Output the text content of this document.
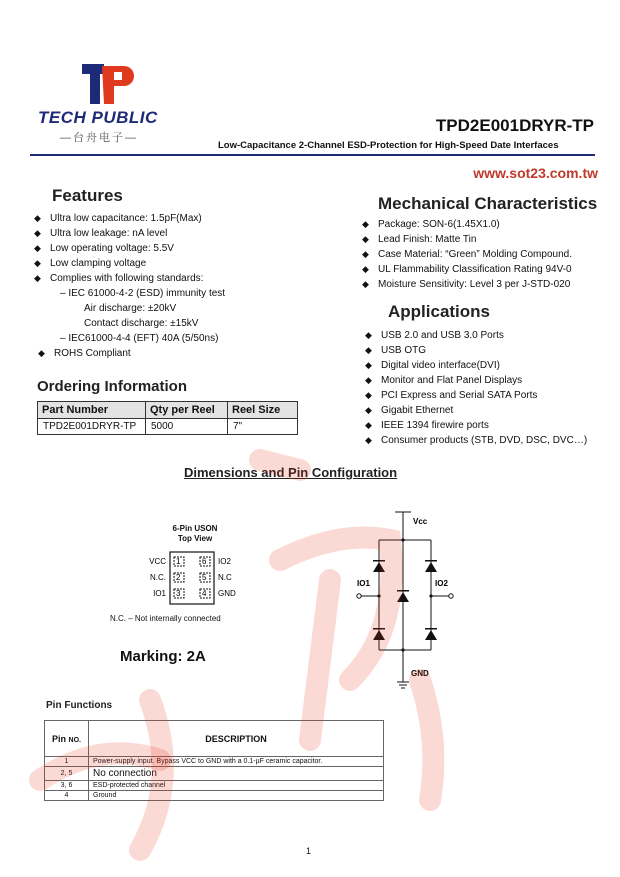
TECH PUBLIC
—台舟电子—
TPD2E001DRYR-TP
Low-Capacitance 2-Channel ESD-Protection for High-Speed Date Interfaces
www.sot23.com.tw
Features
◆ Ultra low capacitance: 1.5pF(Max)
◆ Ultra low leakage: nA level
◆ Low operating voltage: 5.5V
◆ Low clamping voltage
◆ Complies with following standards:
– IEC 61000-4-2 (ESD) immunity test
Air discharge: ±20kV
Contact discharge: ±15kV
– IEC61000-4-4 (EFT) 40A (5/50ns)
◆ ROHS Compliant
Mechanical Characteristics
◆ Package: SON-6(1.45X1.0)
◆ Lead Finish: Matte Tin
◆ Case Material: “Green” Molding Compound.
◆ UL Flammability Classification Rating 94V-0
◆ Moisture Sensitivity: Level 3 per J-STD-020
Applications
◆ USB 2.0 and USB 3.0 Ports
◆ USB OTG
◆ Digital video interface(DVI)
◆ Monitor and Flat Panel Displays
◆ PCI Express and Serial SATA Ports
◆ Gigabit Ethernet
◆ IEEE 1394 firewire ports
◆ Consumer products (STB, DVD, DSC, DVC…)
Ordering Information
Part Number	Qty per Reel	Reel Size
TPD2E001DRYR-TP	5000	7"
Dimensions and Pin Configuration
6-Pin USON
Top View
1
2
3
6
5
4
VCC
N.C.
IO1
IO2
N.C
GND
N.C. – Not internally connected
Marking: 2A
Vcc
IO1	IO2
GND
Pin Functions
Pin NO.	DESCRIPTION
1	Power-supply input. Bypass VCC to GND with a 0.1-µF ceramic capacitor.
2, 5	No connection
3, 6	ESD-protected channel
4	Ground
1
